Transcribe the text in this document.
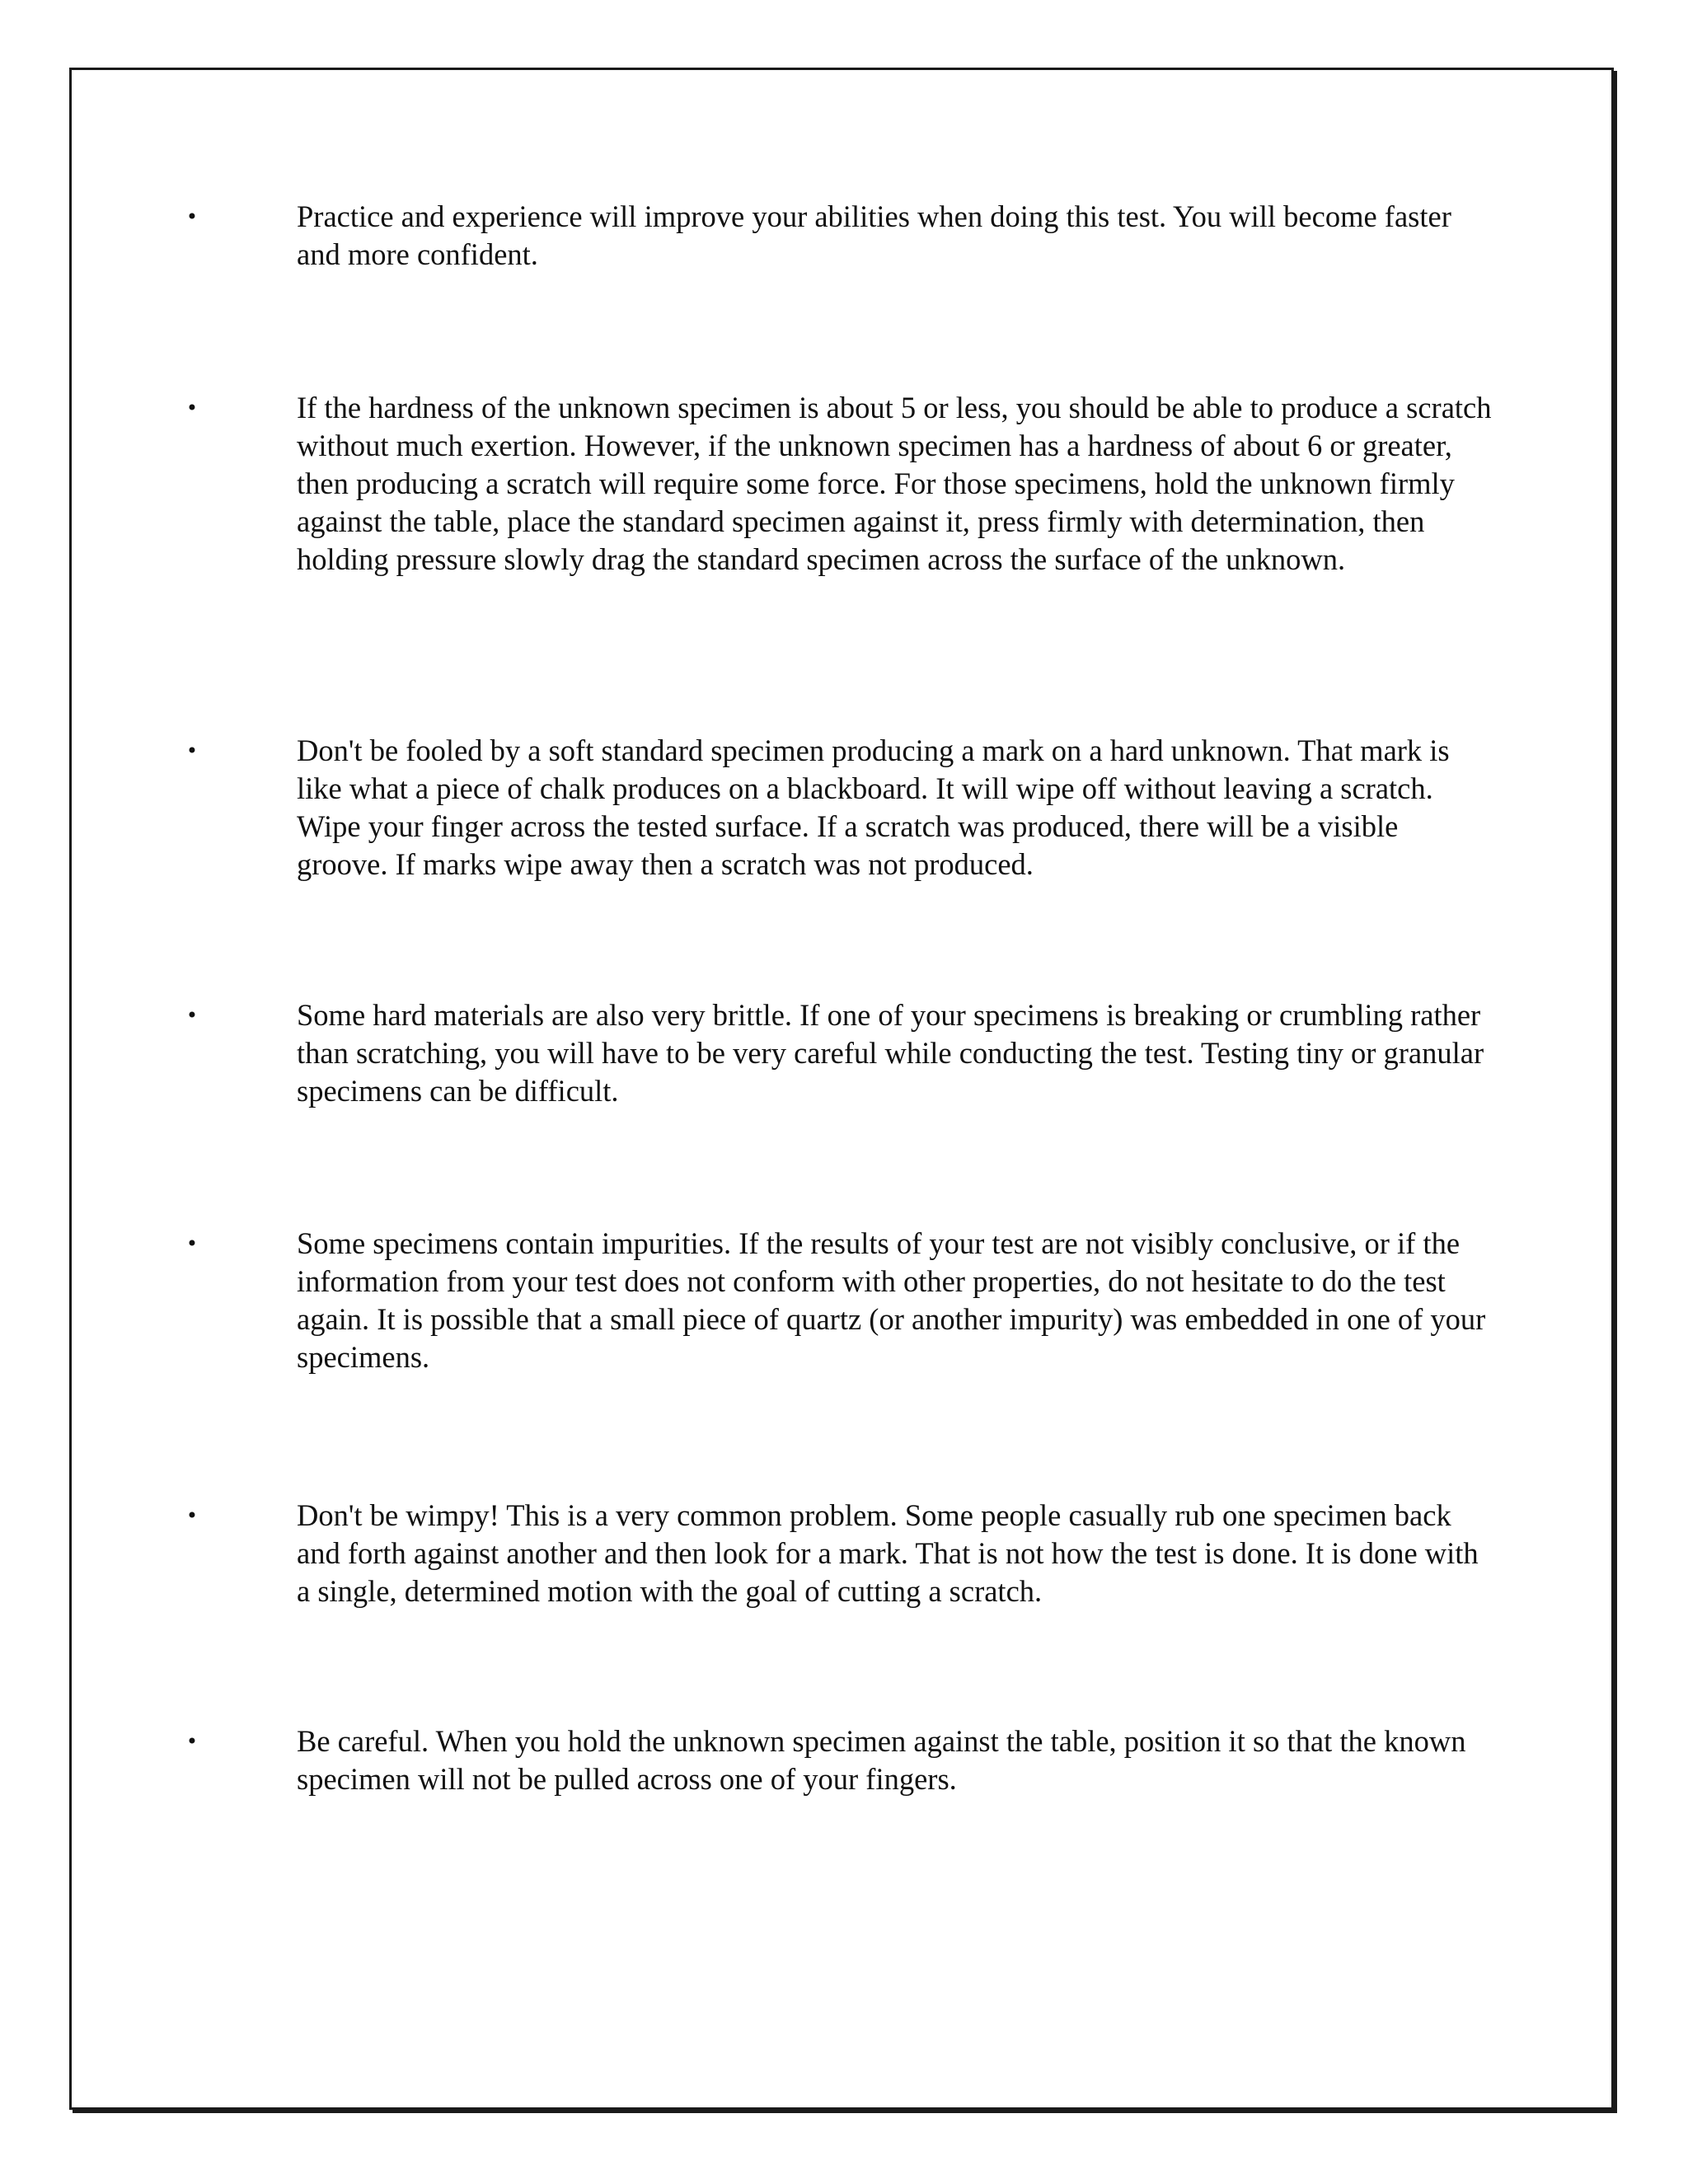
•	Practice and experience will improve your abilities when doing this test. You will become faster and more confident.
•	If the hardness of the unknown specimen is about 5 or less, you should be able to produce a scratch without much exertion. However, if the unknown specimen has a hardness of about 6 or greater, then producing a scratch will require some force. For those specimens, hold the unknown firmly against the table, place the standard specimen against it, press firmly with determination, then holding pressure slowly drag the standard specimen across the surface of the unknown.
•	Don't be fooled by a soft standard specimen producing a mark on a hard unknown. That mark is like what a piece of chalk produces on a blackboard. It will wipe off without leaving a scratch. Wipe your finger across the tested surface. If a scratch was produced, there will be a visible groove. If marks wipe away then a scratch was not produced.
•	Some hard materials are also very brittle. If one of your specimens is breaking or crumbling rather than scratching, you will have to be very careful while conducting the test. Testing tiny or granular specimens can be difficult.
•	Some specimens contain impurities. If the results of your test are not visibly conclusive, or if the information from your test does not conform with other properties, do not hesitate to do the test again. It is possible that a small piece of quartz (or another impurity) was embedded in one of your specimens.
•	Don't be wimpy! This is a very common problem. Some people casually rub one specimen back and forth against another and then look for a mark. That is not how the test is done. It is done with a single, determined motion with the goal of cutting a scratch.
•	Be careful. When you hold the unknown specimen against the table, position it so that the known specimen will not be pulled across one of your fingers.
